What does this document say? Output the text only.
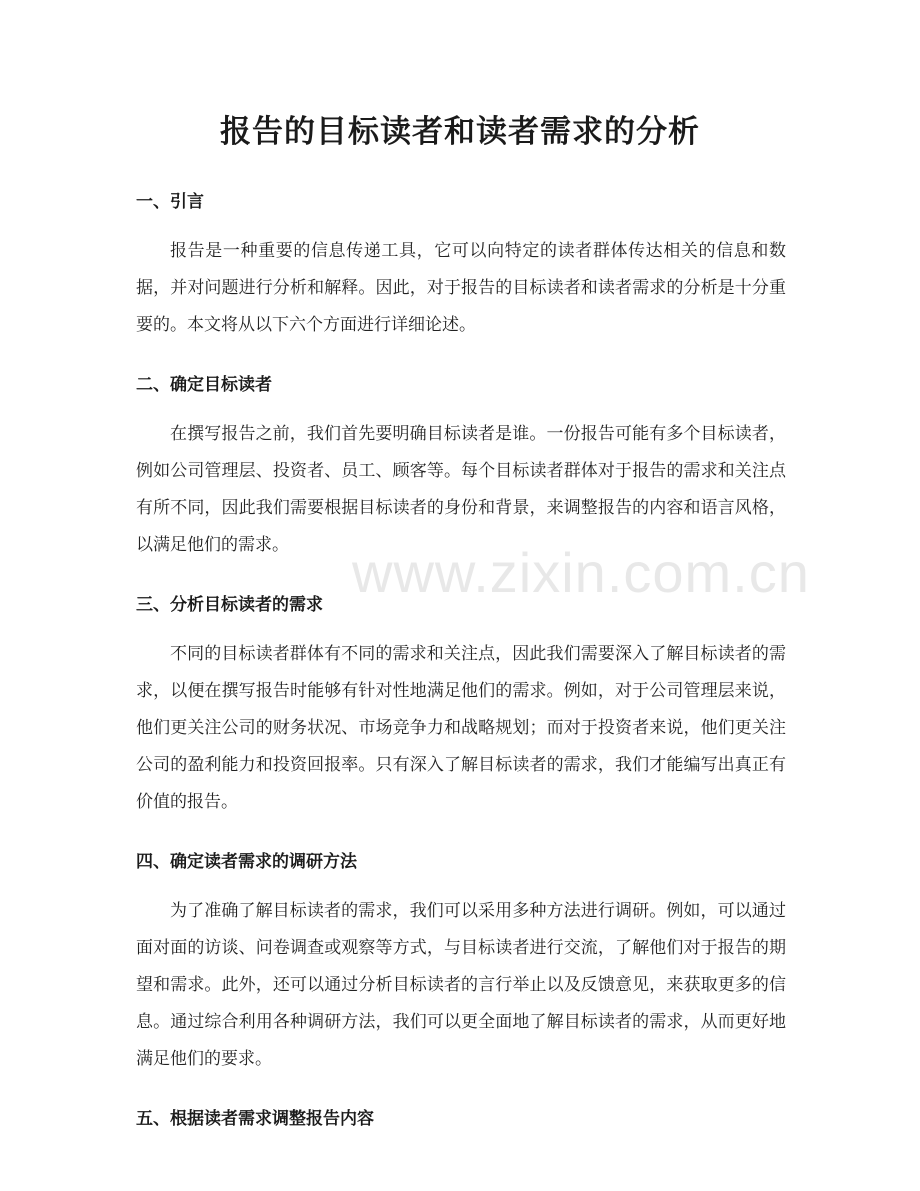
报告的目标读者和读者需求的分析
一、引言

报告是一种重要的信息传递工具，它可以向特定的读者群体传达相关的信息和数据，并对问题进行分析和解释。因此，对于报告的目标读者和读者需求的分析是十分重要的。本文将从以下六个方面进行详细论述。

二、确定目标读者

在撰写报告之前，我们首先要明确目标读者是谁。一份报告可能有多个目标读者，例如公司管理层、投资者、员工、顾客等。每个目标读者群体对于报告的需求和关注点有所不同，因此我们需要根据目标读者的身份和背景，来调整报告的内容和语言风格，以满足他们的需求。

三、分析目标读者的需求

不同的目标读者群体有不同的需求和关注点，因此我们需要深入了解目标读者的需求，以便在撰写报告时能够有针对性地满足他们的需求。例如，对于公司管理层来说，他们更关注公司的财务状况、市场竞争力和战略规划；而对于投资者来说，他们更关注公司的盈利能力和投资回报率。只有深入了解目标读者的需求，我们才能编写出真正有价值的报告。

四、确定读者需求的调研方法

为了准确了解目标读者的需求，我们可以采用多种方法进行调研。例如，可以通过面对面的访谈、问卷调查或观察等方式，与目标读者进行交流，了解他们对于报告的期望和需求。此外，还可以通过分析目标读者的言行举止以及反馈意见，来获取更多的信息。通过综合利用各种调研方法，我们可以更全面地了解目标读者的需求，从而更好地满足他们的要求。

五、根据读者需求调整报告内容
www.zixin.com.cn
